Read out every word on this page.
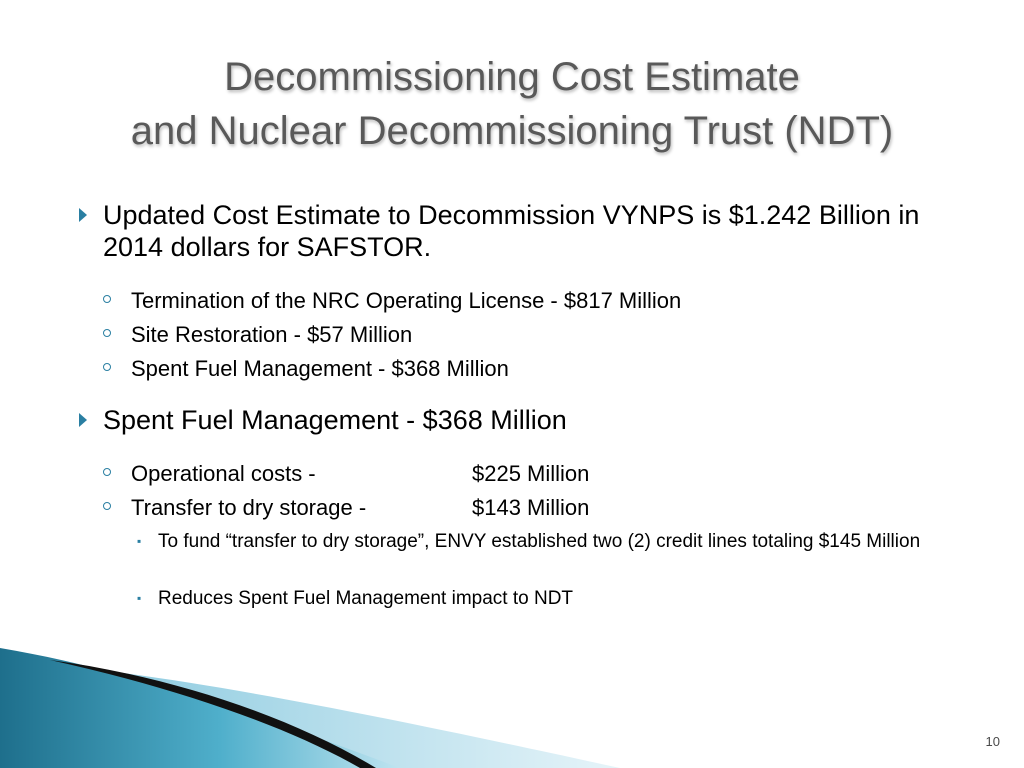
Decommissioning Cost Estimate
and Nuclear Decommissioning Trust (NDT)
Updated Cost Estimate to Decommission VYNPS is $1.242 Billion in 2014 dollars for SAFSTOR.
Termination of the NRC Operating License - $817 Million
Site Restoration - $57 Million
Spent Fuel Management - $368 Million
Spent Fuel Management - $368 Million
Operational costs -	$225 Million
Transfer to dry storage -	$143 Million
▪ To fund “transfer to dry storage”, ENVY established two (2) credit lines totaling $145 Million
▪ Reduces Spent Fuel Management impact to NDT
10
